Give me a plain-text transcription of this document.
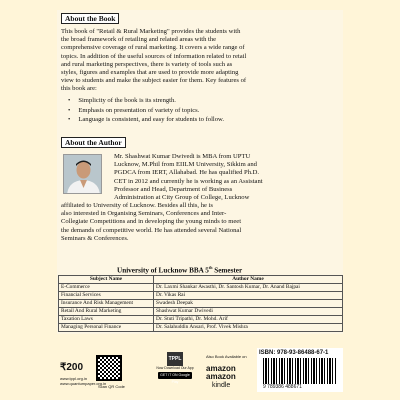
About the Book
This book of "Retail & Rural Marketing" provides the students with
the broad framework of retailing and related areas with the
comprehensive coverage of rural marketing. It covers a wide range of
topics. In addition of the useful sources of information related to retail
and rural marketing perspectives, there is variety of tools such as
styles, figures and examples that are used to provide more adapting
view to students and make the subject easier for them. Key features of
this book are:
• Simplicity of the book is its strength.
• Emphasis on presentation of variety of topics.
• Language is consistent, and easy for students to follow.
About the Author
Mr. Shashwat Kumar Dwivedi is MBA from UPTU
Lucknow, M.Phil from EIILM University, Sikkim and
PGDCA from IERT, Allahabad. He has qualified Ph.D.
CET in 2012 and currently he is working as an Assistant
Professor and Head, Department of Business
Administration at City Group of College, Lucknow
affiliated to University of Lucknow. Besides all this, he is
also interested in Organising Seminars, Conferences and Inter-
Collegiate Competitions and in developing the young minds to meet
the demands of competitive world. He has attended several National
Seminars & Conferences.
University of Lucknow BBA 5th Semester
Subject Name	Author Name
E-Commerce	Dr. Laxmi Shankar Awasthi, Dr. Santosh Kumar, Dr. Anand Bajpai
Financial Services	Dr. Vikas Rai
Insurance And Risk Management	Swadesh Deepak
Retail And Rural Marketing	Shashwat Kumar Dwivedi
Taxation Laws	Dr. Stuti Tripathi, Dr. Mohd. Arif
Managing Personal Finance	Dr. Salahuddin Ansari, Prof. Vivek Mishra
₹200
www.tppl.org.in
www.quantumpaper.org.in
Scan QR Code
TPPL
Now Download Our App
GET IT ON Google Play
Also Book Available on
amazon
amazon
kindle
ISBN: 978-93-86488-67-1
9 789386 488671
